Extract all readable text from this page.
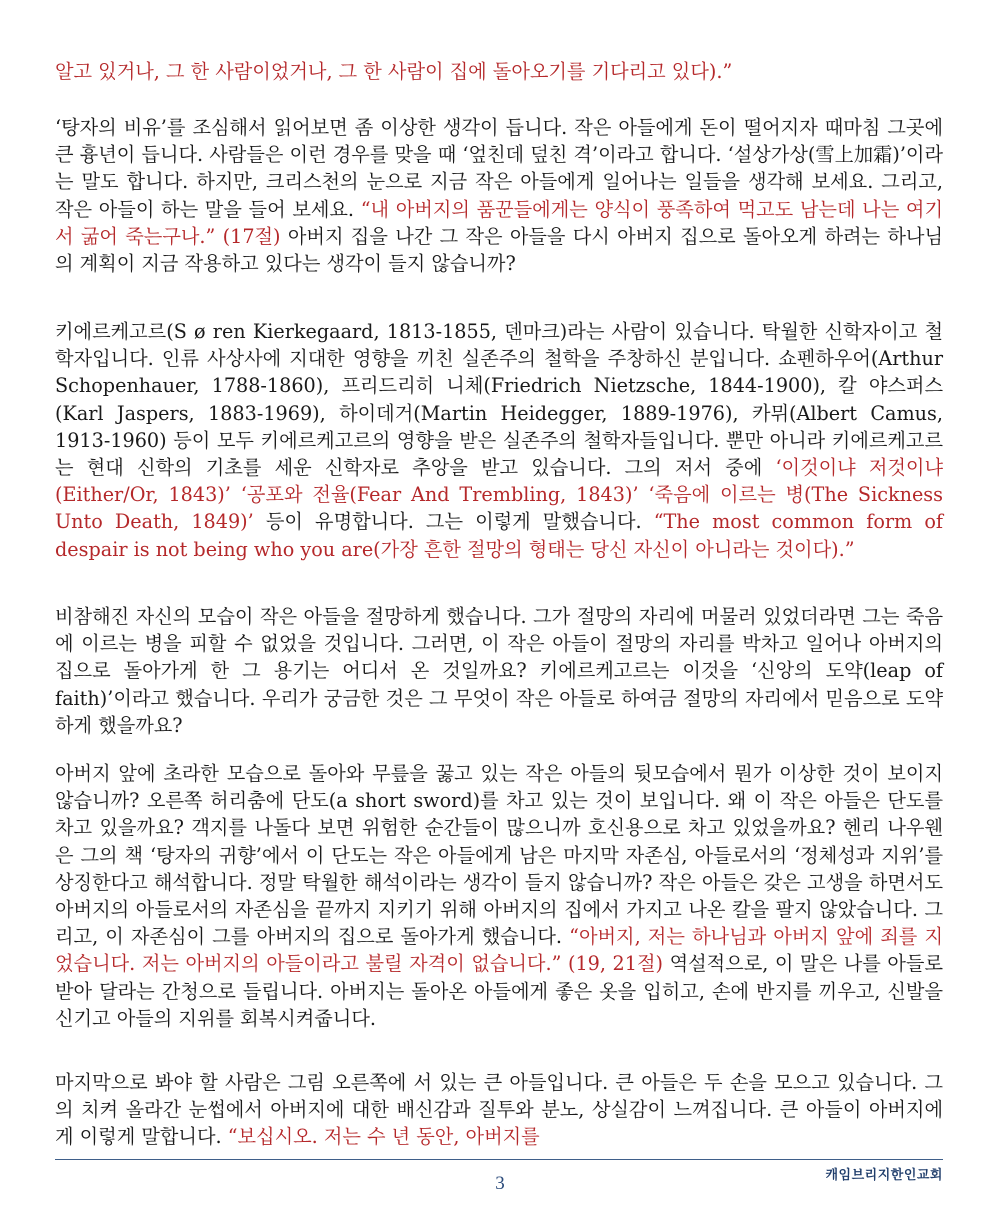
알고 있거나, 그 한 사람이었거나, 그 한 사람이 집에 돌아오기를 기다리고 있다).”

‘탕자의 비유’를 조심해서 읽어보면 좀 이상한 생각이 듭니다. 작은 아들에게 돈이 떨어지자 때마침 그곳에 큰 흉년이 듭니다. 사람들은 이런 경우를 맞을 때 ‘엎친데 덮친 격’이라고 합니다. ‘설상가상(雪上加霜)’이라는 말도 합니다. 하지만, 크리스천의 눈으로 지금 작은 아들에게 일어나는 일들을 생각해 보세요. 그리고, 작은 아들이 하는 말을 들어 보세요. “내 아버지의 품꾼들에게는 양식이 풍족하여 먹고도 남는데 나는 여기서 굶어 죽는구나.” (17절) 아버지 집을 나간 그 작은 아들을 다시 아버지 집으로 돌아오게 하려는 하나님의 계획이 지금 작용하고 있다는 생각이 들지 않습니까?

키에르케고르(S ø ren Kierkegaard, 1813-1855, 덴마크)라는 사람이 있습니다. 탁월한 신학자이고 철학자입니다. 인류 사상사에 지대한 영향을 끼친 실존주의 철학을 주창하신 분입니다. 쇼펜하우어(Arthur Schopenhauer, 1788-1860), 프리드리히 니체(Friedrich Nietzsche, 1844-1900), 칼 야스퍼스(Karl Jaspers, 1883-1969), 하이데거(Martin Heidegger, 1889-1976), 카뮈(Albert Camus, 1913-1960) 등이 모두 키에르케고르의 영향을 받은 실존주의 철학자들입니다. 뿐만 아니라 키에르케고르는 현대 신학의 기초를 세운 신학자로 추앙을 받고 있습니다. 그의 저서 중에 ‘이것이냐 저것이냐(Either/Or, 1843)’ ‘공포와 전율(Fear And Trembling, 1843)’ ‘죽음에 이르는 병(The Sickness Unto Death, 1849)’ 등이 유명합니다. 그는 이렇게 말했습니다. “The most common form of despair is not being who you are(가장 흔한 절망의 형태는 당신 자신이 아니라는 것이다).”

비참해진 자신의 모습이 작은 아들을 절망하게 했습니다. 그가 절망의 자리에 머물러 있었더라면 그는 죽음에 이르는 병을 피할 수 없었을 것입니다. 그러면, 이 작은 아들이 절망의 자리를 박차고 일어나 아버지의 집으로 돌아가게 한 그 용기는 어디서 온 것일까요? 키에르케고르는 이것을 ‘신앙의 도약(leap of faith)’이라고 했습니다. 우리가 궁금한 것은 그 무엇이 작은 아들로 하여금 절망의 자리에서 믿음으로 도약하게 했을까요?

아버지 앞에 초라한 모습으로 돌아와 무릎을 꿇고 있는 작은 아들의 뒷모습에서 뭔가 이상한 것이 보이지 않습니까? 오른쪽 허리춤에 단도(a short sword)를 차고 있는 것이 보입니다. 왜 이 작은 아들은 단도를 차고 있을까요? 객지를 나돌다 보면 위험한 순간들이 많으니까 호신용으로 차고 있었을까요? 헨리 나우웬은 그의 책 ‘탕자의 귀향’에서 이 단도는 작은 아들에게 남은 마지막 자존심, 아들로서의 ‘정체성과 지위’를 상징한다고 해석합니다. 정말 탁월한 해석이라는 생각이 들지 않습니까? 작은 아들은 갖은 고생을 하면서도 아버지의 아들로서의 자존심을 끝까지 지키기 위해 아버지의 집에서 가지고 나온 칼을 팔지 않았습니다. 그리고, 이 자존심이 그를 아버지의 집으로 돌아가게 했습니다. “아버지, 저는 하나님과 아버지 앞에 죄를 지었습니다. 저는 아버지의 아들이라고 불릴 자격이 없습니다.” (19, 21절) 역설적으로, 이 말은 나를 아들로 받아 달라는 간청으로 들립니다. 아버지는 돌아온 아들에게 좋은 옷을 입히고, 손에 반지를 끼우고, 신발을 신기고 아들의 지위를 회복시켜줍니다.

마지막으로 봐야 할 사람은 그림 오른쪽에 서 있는 큰 아들입니다. 큰 아들은 두 손을 모으고 있습니다. 그의 치켜 올라간 눈썹에서 아버지에 대한 배신감과 질투와 분노, 상실감이 느껴집니다. 큰 아들이 아버지에게 이렇게 말합니다. “보십시오. 저는 수 년 동안, 아버지를

캐임브리지한인교회
3
